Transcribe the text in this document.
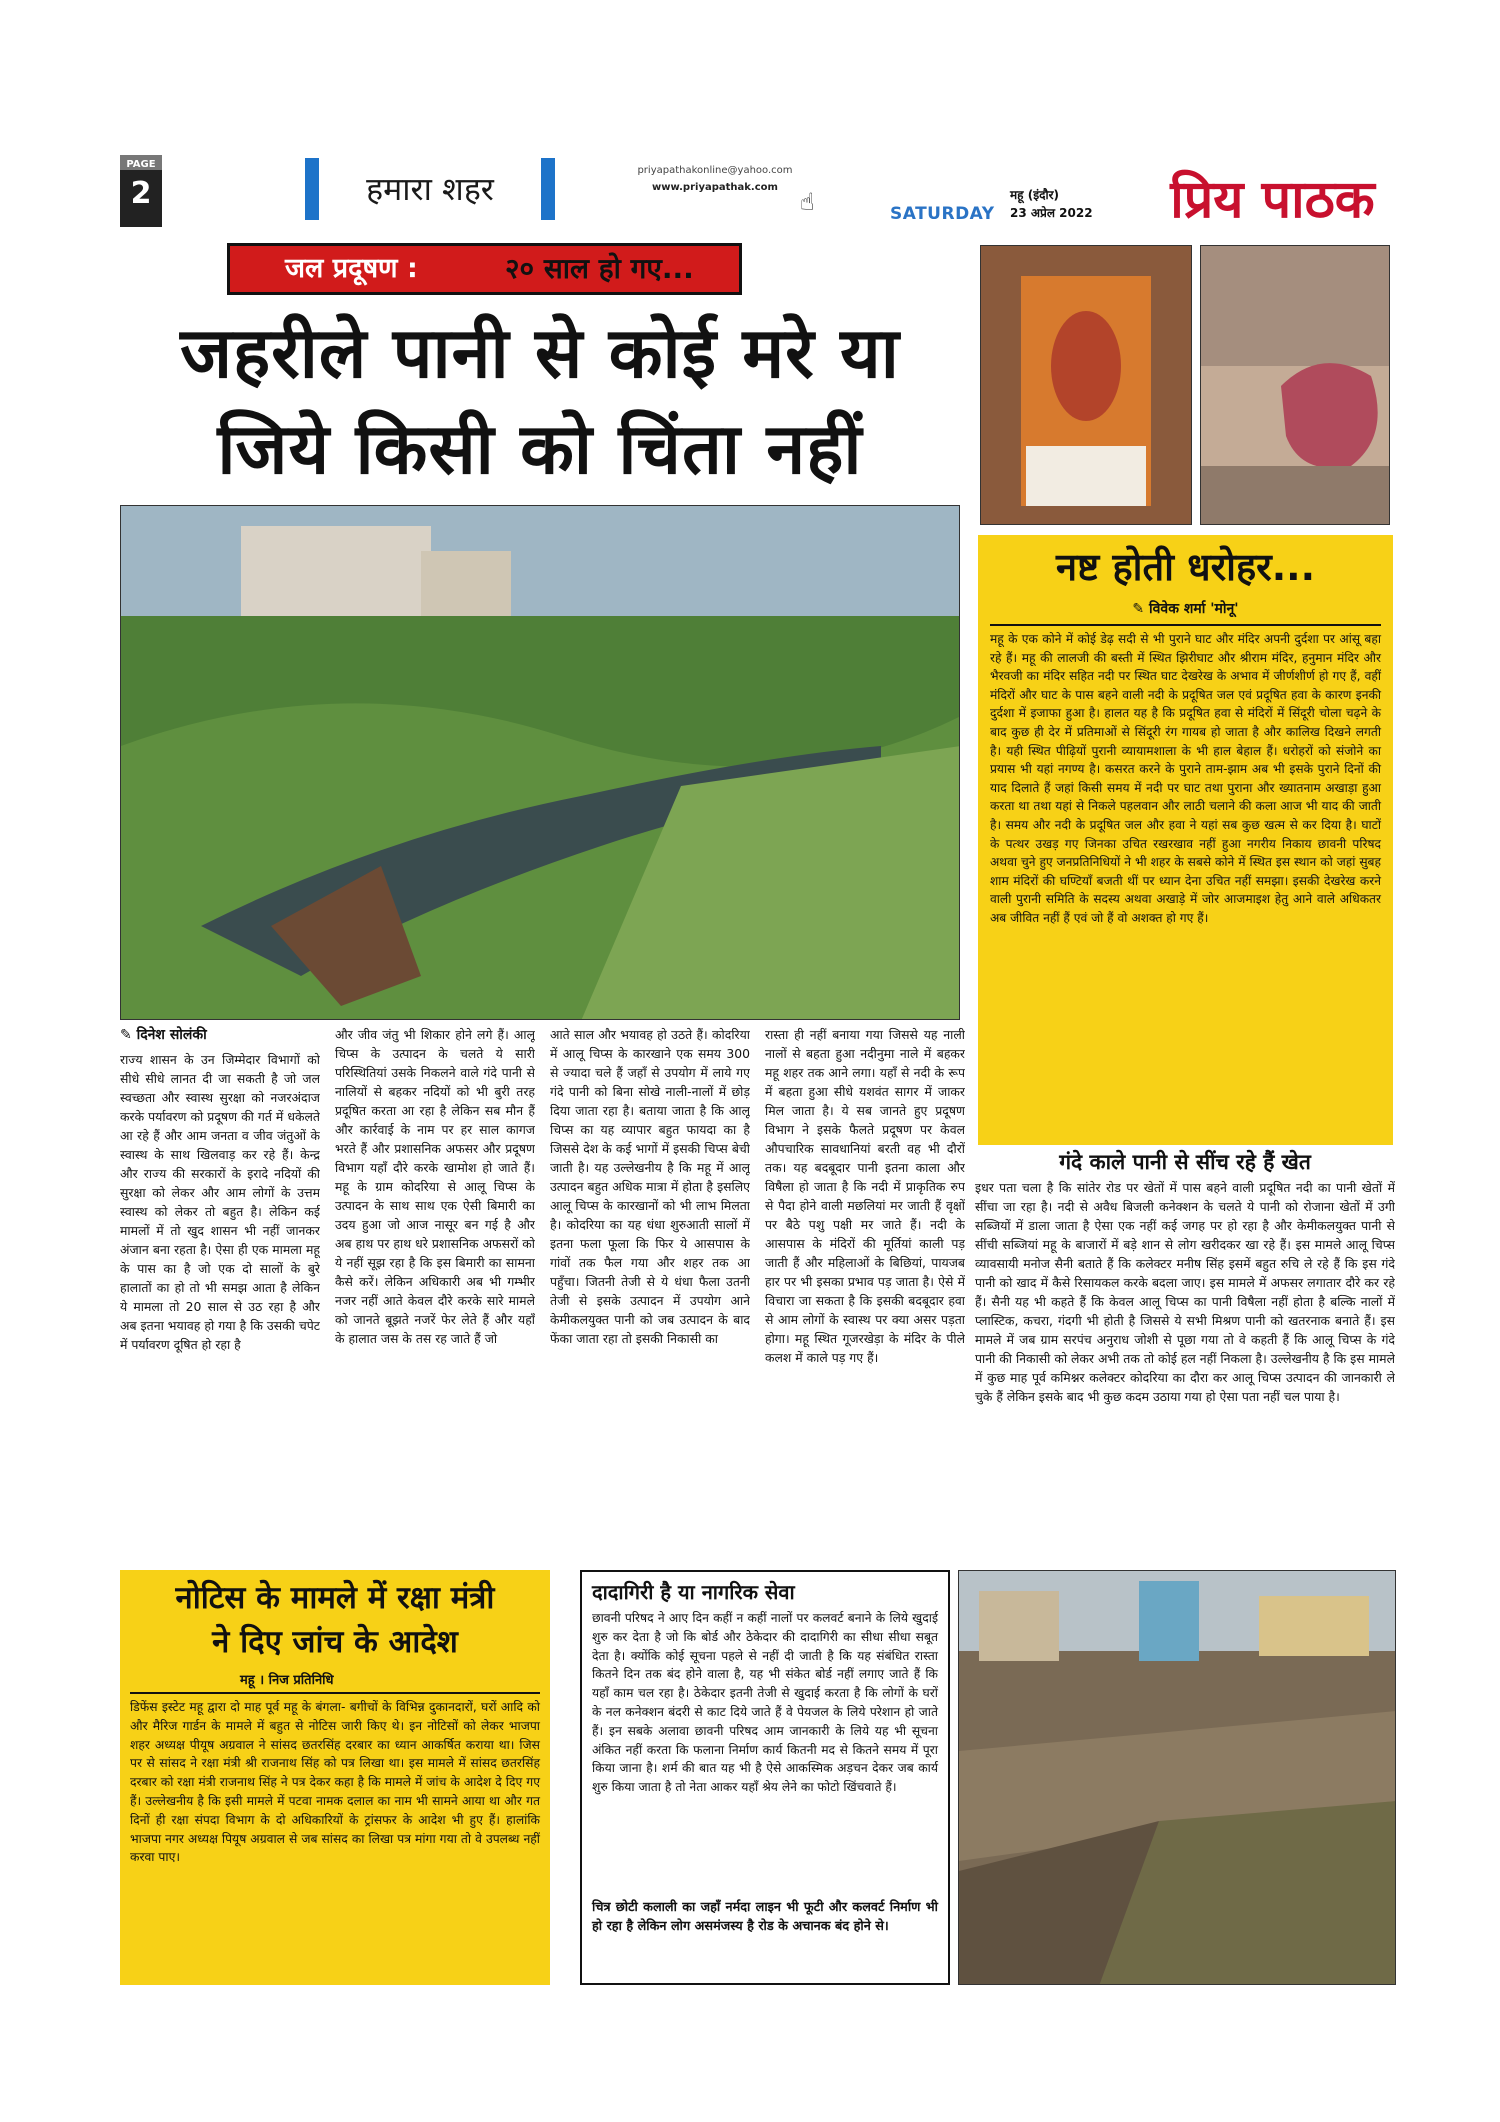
PAGE
2	हमारा शहर	priyapathakonline@yahoo.com
www.priyapathak.com
☝	SATURDAY
महू (इंदौर)
23 अप्रेल 2022	प्रिय पाठक
जल प्रदूषण :	२० साल हो गए...
जहरीले पानी से कोई मरे या
जिये किसी को चिंता नहीं
✎ दिनेश सोलंकी
राज्य शासन के उन जिम्मेदार विभागों को सीधे सीधे लानत दी जा सकती है जो जल स्वच्छता और स्वास्थ सुरक्षा को नजरअंदाज करके पर्यावरण को प्रदूषण की गर्त में धकेलते आ रहे हैं और आम जनता व जीव जंतुओं के स्वास्थ के साथ खिलवाड़ कर रहे हैं। केन्द्र और राज्य की सरकारों के इरादे नदियों की सुरक्षा को लेकर और आम लोगों के उत्तम स्वास्थ को लेकर तो बहुत है। लेकिन कई मामलों में तो खुद शासन भी नहीं जानकर अंजान बना रहता है। ऐसा ही एक मामला महू के पास का है जो एक दो सालों के बुरे हालातों का हो तो भी समझ आता है लेकिन ये मामला तो 20 साल से उठ रहा है और अब इतना भयावह हो गया है कि उसकी चपेट में पर्यावरण दूषित हो रहा है
और जीव जंतु भी शिकार होने लगे हैं। आलू चिप्स के उत्पादन के चलते ये सारी परिस्थितियां उसके निकलने वाले गंदे पानी से नालियों से बहकर नदियों को भी बुरी तरह प्रदूषित करता आ रहा है लेकिन सब मौन हैं और कार्रवाई के नाम पर हर साल कागज भरते हैं और प्रशासनिक अफसर और प्रदूषण विभाग यहाँ दौरे करके खामोश हो जाते हैं। महू के ग्राम कोदरिया से आलू चिप्स के उत्पादन के साथ साथ एक ऐसी बिमारी का उदय हुआ जो आज नासूर बन गई है और अब हाथ पर हाथ धरे प्रशासनिक अफसरों को ये नहीं सूझ रहा है कि इस बिमारी का सामना कैसे करें। लेकिन अधिकारी अब भी गम्भीर नजर नहीं आते केवल दौरे करके सारे मामले को जानते बूझते नजरें फेर लेते हैं और यहाँ के हालात जस के तस रह जाते हैं जो
आते साल और भयावह हो उठते हैं। कोदरिया में आलू चिप्स के कारखाने एक समय 300 से ज्यादा चले हैं जहाँ से उपयोग में लाये गए गंदे पानी को बिना सोखे नाली-नालों में छोड़ दिया जाता रहा है। बताया जाता है कि आलू चिप्स का यह व्यापार बहुत फायदा का है जिससे देश के कई भागों में इसकी चिप्स बेची जाती है। यह उल्लेखनीय है कि महू में आलू उत्पादन बहुत अधिक मात्रा में होता है इसलिए आलू चिप्स के कारखानों को भी लाभ मिलता है। कोदरिया का यह धंधा शुरुआती सालों में इतना फला फूला कि फिर ये आसपास के गांवों तक फैल गया और शहर तक आ पहुँचा। जितनी तेजी से ये धंधा फैला उतनी तेजी से इसके उत्पादन में उपयोग आने केमीकलयुक्त पानी को जब उत्पादन के बाद फेंका जाता रहा तो इसकी निकासी का
रास्ता ही नहीं बनाया गया जिससे यह नाली नालों से बहता हुआ नदीनुमा नाले में बहकर महू शहर तक आने लगा। यहाँ से नदी के रूप में बहता हुआ सीधे यशवंत सागर में जाकर मिल जाता है। ये सब जानते हुए प्रदूषण विभाग ने इसके फैलते प्रदूषण पर केवल औपचारिक सावधानियां बरती वह भी दौरों तक। यह बदबूदार पानी इतना काला और विषैला हो जाता है कि नदी में प्राकृतिक रुप से पैदा होने वाली मछलियां मर जाती हैं वृक्षों पर बैठे पशु पक्षी मर जाते हैं। नदी के आसपास के मंदिरों की मूर्तियां काली पड़ जाती हैं और महिलाओं के बिछियां, पायजब हार पर भी इसका प्रभाव पड़ जाता है। ऐसे में विचारा जा सकता है कि इसकी बदबूदार हवा से आम लोगों के स्वास्थ पर क्या असर पड़ता होगा। महू स्थित गूजरखेड़ा के मंदिर के पीले कलश में काले पड़ गए हैं।
नष्ट होती धरोहर...
✎ विवेक शर्मा 'मोनू'
महू के एक कोने में कोई डेढ़ सदी से भी पुराने घाट और मंदिर अपनी दुर्दशा पर आंसू बहा रहे हैं। महू की लालजी की बस्ती में स्थित झिरीघाट और श्रीराम मंदिर, हनुमान मंदिर और भैरवजी का मंदिर सहित नदी पर स्थित घाट देखरेख के अभाव में जीर्णशीर्ण हो गए हैं, वहीं मंदिरों और घाट के पास बहने वाली नदी के प्रदूषित जल एवं प्रदूषित हवा के कारण इनकी दुर्दशा में इजाफा हुआ है। हालत यह है कि प्रदूषित हवा से मंदिरों में सिंदूरी चोला चढ़ने के बाद कुछ ही देर में प्रतिमाओं से सिंदूरी रंग गायब हो जाता है और कालिख दिखने लगती है। यही स्थित पीढ़ियों पुरानी व्यायामशाला के भी हाल बेहाल हैं। धरोहरों को संजोने का प्रयास भी यहां नगण्य है। कसरत करने के पुराने ताम-झाम अब भी इसके पुराने दिनों की याद दिलाते हैं जहां किसी समय में नदी पर घाट तथा पुराना और ख्यातनाम अखाड़ा हुआ करता था तथा यहां से निकले पहलवान और लाठी चलाने की कला आज भी याद की जाती है। समय और नदी के प्रदूषित जल और हवा ने यहां सब कुछ खत्म से कर दिया है। घाटों के पत्थर उखड़ गए जिनका उचित रखरखाव नहीं हुआ नगरीय निकाय छावनी परिषद अथवा चुने हुए जनप्रतिनिधियों ने भी शहर के सबसे कोने में स्थित इस स्थान को जहां सुबह शाम मंदिरों की घण्टियाँ बजती थीं पर ध्यान देना उचित नहीं समझा। इसकी देखरेख करने वाली पुरानी समिति के सदस्य अथवा अखाड़े में जोर आजमाइश हेतु आने वाले अधिकतर अब जीवित नहीं हैं एवं जो हैं वो अशक्त हो गए हैं।
गंदे काले पानी से सींच रहे हैं खेत
इधर पता चला है कि सांतेर रोड पर खेतों में पास बहने वाली प्रदूषित नदी का पानी खेतों में सींचा जा रहा है। नदी से अवैध बिजली कनेक्शन के चलते ये पानी को रोजाना खेतों में उगी सब्जियों में डाला जाता है ऐसा एक नहीं कई जगह पर हो रहा है और केमीकलयुक्त पानी से सींची सब्जियां महू के बाजारों में बड़े शान से लोग खरीदकर खा रहे हैं। इस मामले आलू चिप्स व्यावसायी मनोज सैनी बताते हैं कि कलेक्टर मनीष सिंह इसमें बहुत रुचि ले रहे हैं कि इस गंदे पानी को खाद में कैसे रिसायकल करके बदला जाए। इस मामले में अफसर लगातार दौरे कर रहे हैं। सैनी यह भी कहते हैं कि केवल आलू चिप्स का पानी विषैला नहीं होता है बल्कि नालों में प्लास्टिक, कचरा, गंदगी भी होती है जिससे ये सभी मिश्रण पानी को खतरनाक बनाते हैं। इस मामले में जब ग्राम सरपंच अनुराध जोशी से पूछा गया तो वे कहती हैं कि आलू चिप्स के गंदे पानी की निकासी को लेकर अभी तक तो कोई हल नहीं निकला है। उल्लेखनीय है कि इस मामले में कुछ माह पूर्व कमिश्नर कलेक्टर कोदरिया का दौरा कर आलू चिप्स उत्पादन की जानकारी ले चुके हैं लेकिन इसके बाद भी कुछ कदम उठाया गया हो ऐसा पता नहीं चल पाया है।
नोटिस के मामले में रक्षा मंत्री
ने दिए जांच के आदेश
महू । निज प्रतिनिधि
डिफेंस इस्टेट महू द्वारा दो माह पूर्व महू के बंगला- बगीचों के विभिन्न दुकानदारों, घरों आदि को और मैरिज गार्डन के मामले में बहुत से नोटिस जारी किए थे। इन नोटिसों को लेकर भाजपा शहर अध्यक्ष पीयूष अग्रवाल ने सांसद छतरसिंह दरबार का ध्यान आकर्षित कराया था। जिस पर से सांसद ने रक्षा मंत्री श्री राजनाथ सिंह को पत्र लिखा था। इस मामले में सांसद छतरसिंह दरबार को रक्षा मंत्री राजनाथ सिंह ने पत्र देकर कहा है कि मामले में जांच के आदेश दे दिए गए हैं। उल्लेखनीय है कि इसी मामले में पटवा नामक दलाल का नाम भी सामने आया था और गत दिनों ही रक्षा संपदा विभाग के दो अधिकारियों के ट्रांसफर के आदेश भी हुए हैं। हालांकि भाजपा नगर अध्यक्ष पियूष अग्रवाल से जब सांसद का लिखा पत्र मांगा गया तो वे उपलब्ध नहीं करवा पाए।
दादागिरी है या नागरिक सेवा
छावनी परिषद ने आए दिन कहीं न कहीं नालों पर कलवर्ट बनाने के लिये खुदाई शुरु कर देता है जो कि बोर्ड और ठेकेदार की दादागिरी का सीधा सीधा सबूत देता है। क्योंकि कोई सूचना पहले से नहीं दी जाती है कि यह संबंधित रास्ता कितने दिन तक बंद होने वाला है, यह भी संकेत बोर्ड नहीं लगाए जाते हैं कि यहाँ काम चल रहा है। ठेकेदार इतनी तेजी से खुदाई करता है कि लोगों के घरों के नल कनेक्शन बंदरी से काट दिये जाते हैं वे पेयजल के लिये परेशान हो जाते हैं। इन सबके अलावा छावनी परिषद आम जानकारी के लिये यह भी सूचना अंकित नहीं करता कि फलाना निर्माण कार्य कितनी मद से कितने समय में पूरा किया जाना है। शर्म की बात यह भी है ऐसे आकस्मिक अड़चन देकर जब कार्य शुरु किया जाता है तो नेता आकर यहाँ श्रेय लेने का फोटो खिंचवाते हैं।
चित्र छोटी कलाली का जहाँ नर्मदा लाइन भी फूटी और कलवर्ट निर्माण भी हो रहा है लेकिन लोग असमंजस्य है रोड के अचानक बंद होने से।
